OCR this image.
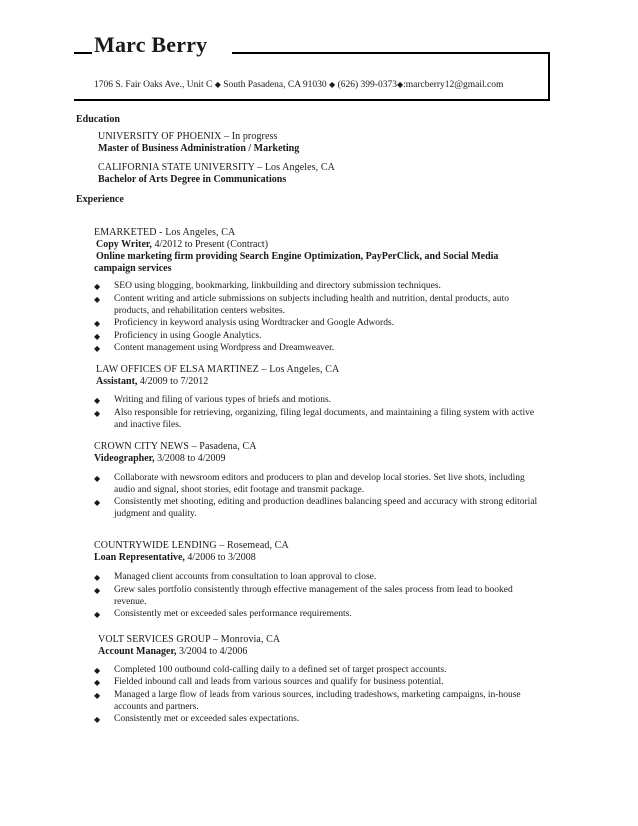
Marc Berry
1706 S. Fair Oaks Ave., Unit C ◆ South Pasadena, CA 91030 ◆ (626) 399-0373◆:marcberry12@gmail.com
Education
UNIVERSITY OF PHOENIX – In progress
Master of Business Administration / Marketing
CALIFORNIA STATE UNIVERSITY – Los Angeles, CA
Bachelor of Arts Degree in Communications
Experience
EMARKETED - Los Angeles, CA
Copy Writer, 4/2012 to Present (Contract)
Online marketing firm providing Search Engine Optimization, PayPerClick, and Social Media
campaign services
◆ SEO using blogging, bookmarking, linkbuilding and directory submission techniques.
◆ Content writing and article submissions on subjects including health and nutrition, dental products, auto
products, and rehabilitation centers websites.
◆ Proficiency in keyword analysis using Wordtracker and Google Adwords.
◆ Proficiency in using Google Analytics.
◆ Content management using Wordpress and Dreamweaver.
LAW OFFICES OF ELSA MARTINEZ – Los Angeles, CA
Assistant, 4/2009 to 7/2012
◆ Writing and filing of various types of briefs and motions.
◆ Also responsible for retrieving, organizing, filing legal documents, and maintaining a filing system with active
and inactive files.
CROWN CITY NEWS – Pasadena, CA
Videographer, 3/2008 to 4/2009
◆ Collaborate with newsroom editors and producers to plan and develop local stories. Set live shots, including
audio and signal, shoot stories, edit footage and transmit package.
◆ Consistently met shooting, editing and production deadlines balancing speed and accuracy with strong editorial
judgment and quality.
COUNTRYWIDE LENDING – Rosemead, CA
Loan Representative, 4/2006 to 3/2008
◆ Managed client accounts from consultation to loan approval to close.
◆ Grew sales portfolio consistently through effective management of the sales process from lead to booked
revenue.
◆ Consistently met or exceeded sales performance requirements.
VOLT SERVICES GROUP – Monrovia, CA
Account Manager, 3/2004 to 4/2006
◆ Completed 100 outbound cold-calling daily to a defined set of target prospect accounts.
◆ Fielded inbound call and leads from various sources and qualify for business potential.
◆ Managed a large flow of leads from various sources, including tradeshows, marketing campaigns, in-house
accounts and partners.
◆ Consistently met or exceeded sales expectations.
